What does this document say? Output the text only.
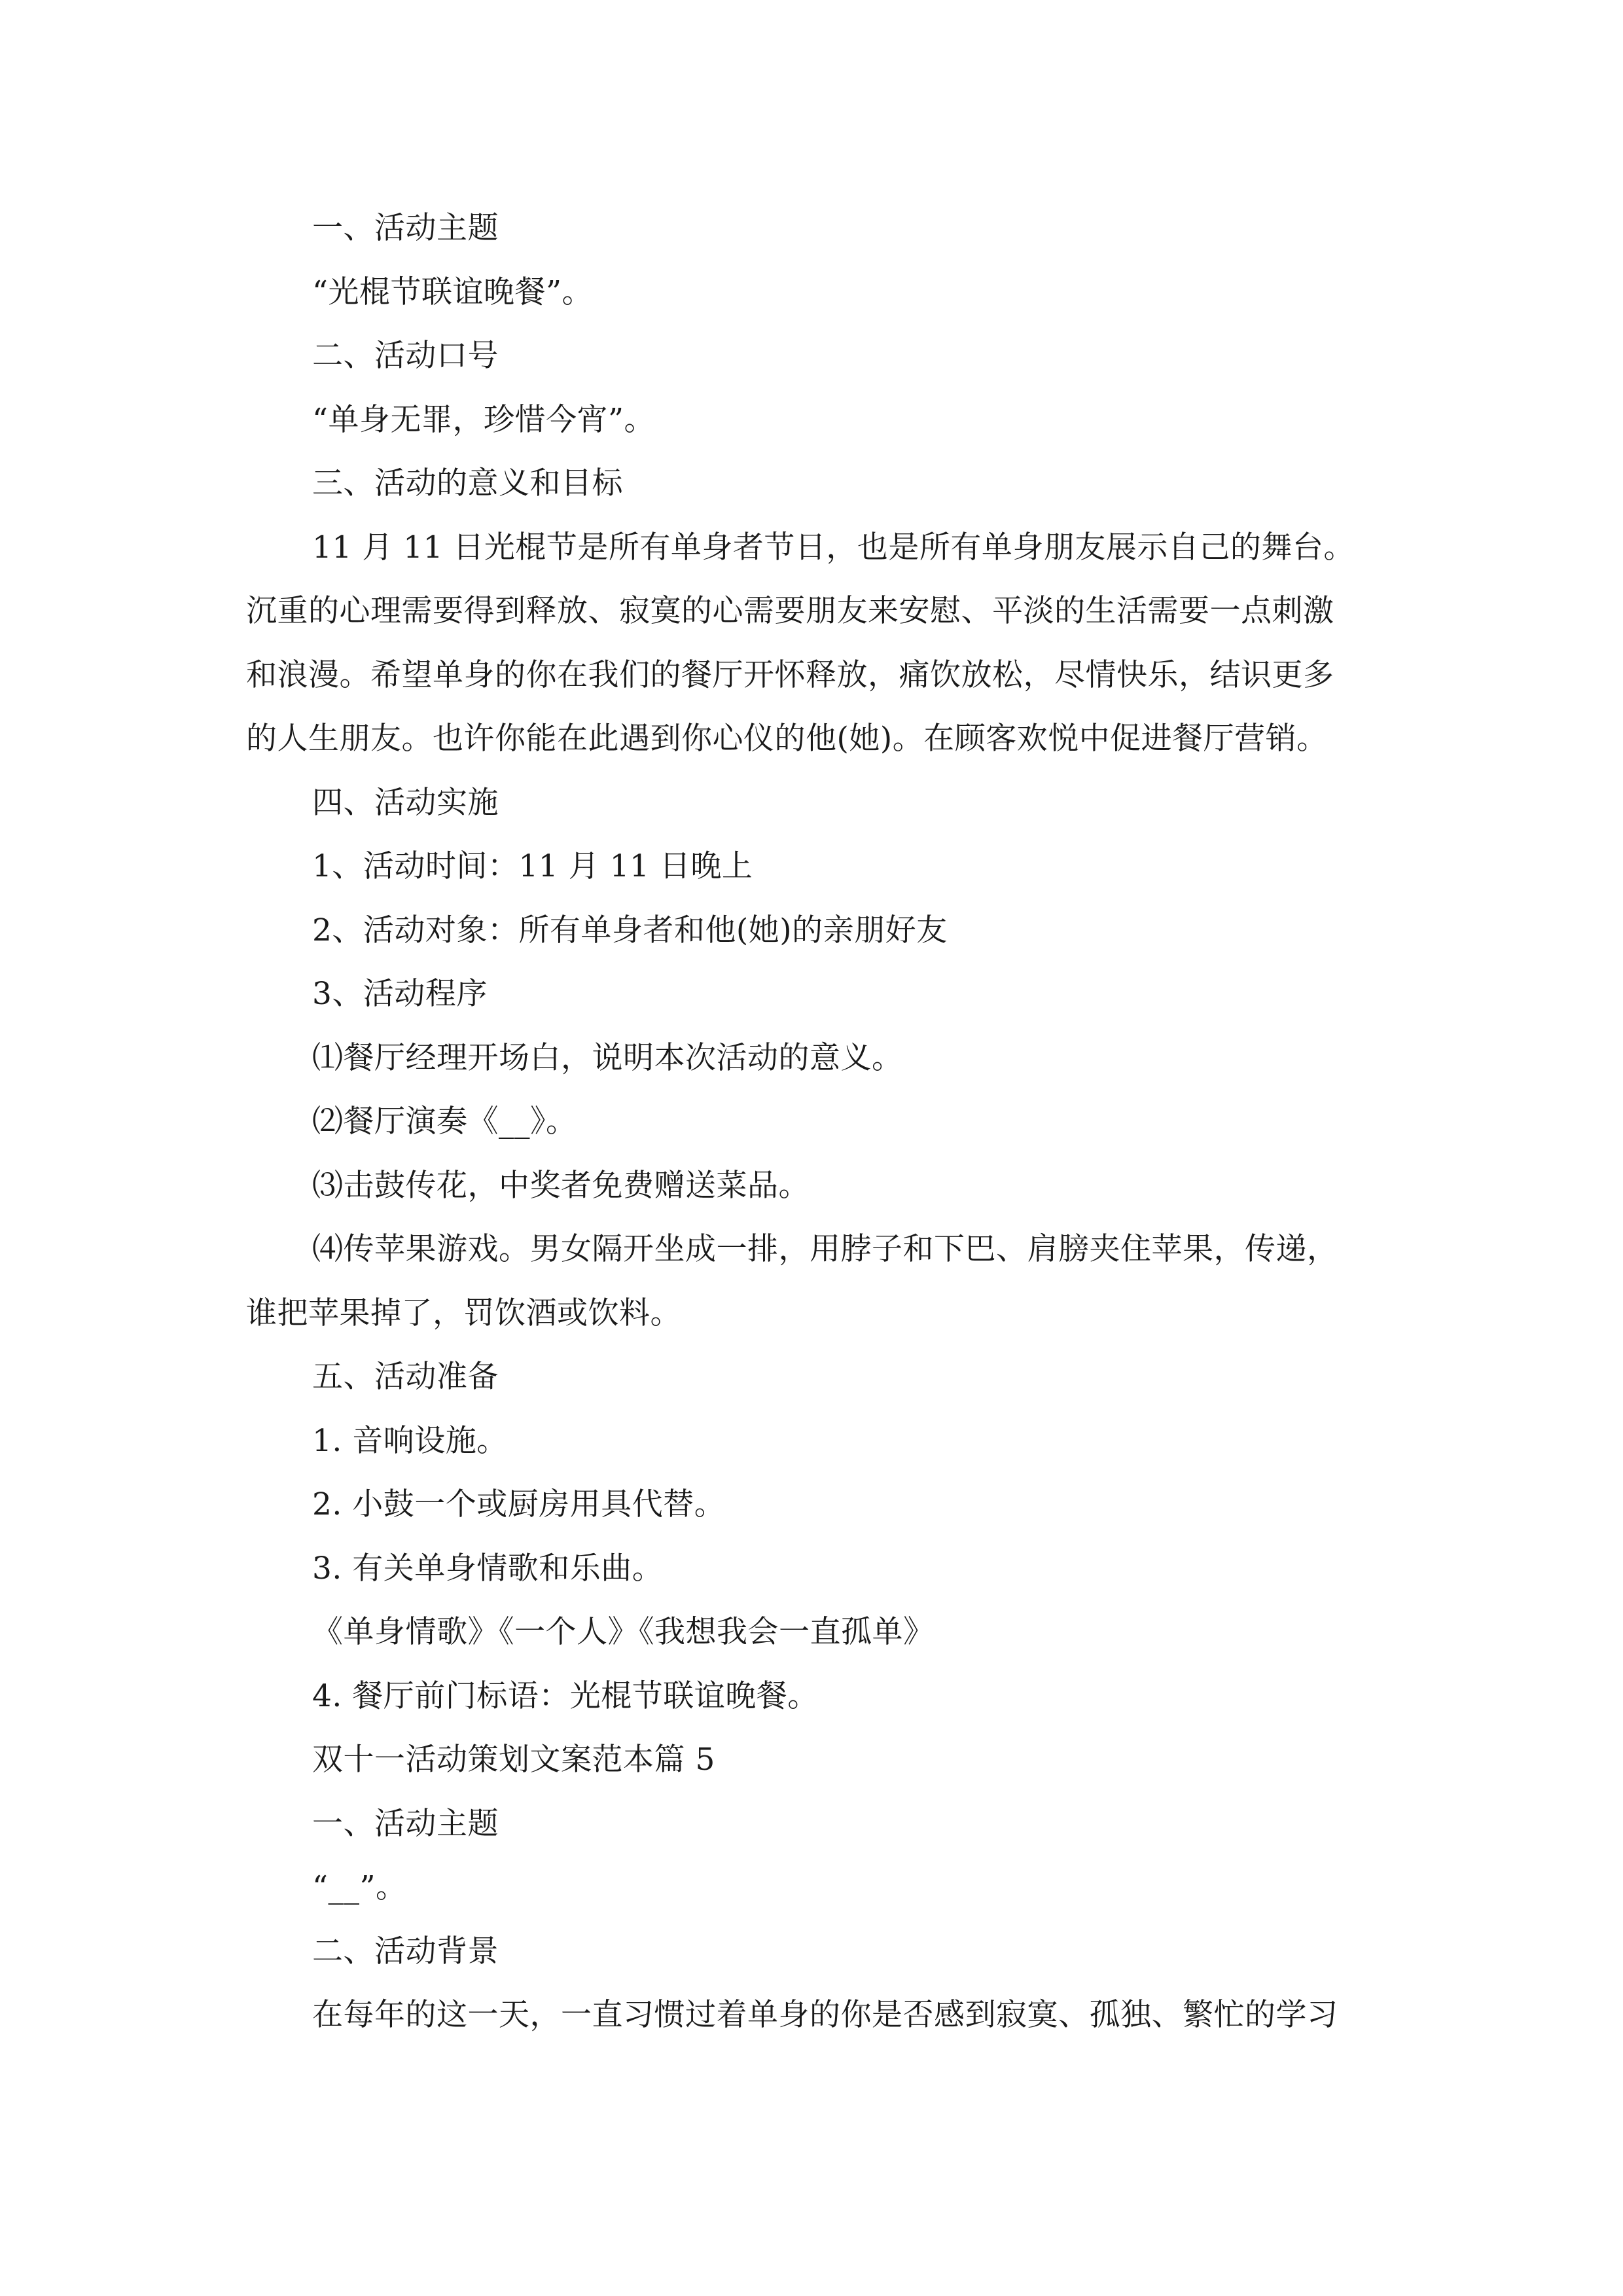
一、活动主题
“光棍节联谊晚餐”。
二、活动口号
“单身无罪，珍惜今宵”。
三、活动的意义和目标
11 月 11 日光棍节是所有单身者节日，也是所有单身朋友展示自己的舞台。
沉重的心理需要得到释放、寂寞的心需要朋友来安慰、平淡的生活需要一点刺激
和浪漫。希望单身的你在我们的餐厅开怀释放，痛饮放松，尽情快乐，结识更多
的人生朋友。也许你能在此遇到你心仪的他(她)。在顾客欢悦中促进餐厅营销。
四、活动实施
1、活动时间：11 月 11 日晚上
2、活动对象：所有单身者和他(她)的亲朋好友
3、活动程序
⑴餐厅经理开场白，说明本次活动的意义。
⑵餐厅演奏《__》。
⑶击鼓传花，中奖者免费赠送菜品。
⑷传苹果游戏。男女隔开坐成一排，用脖子和下巴、肩膀夹住苹果，传递，
谁把苹果掉了，罚饮酒或饮料。
五、活动准备
1. 音响设施。
2. 小鼓一个或厨房用具代替。
3. 有关单身情歌和乐曲。
《单身情歌》《一个人》《我想我会一直孤单》
4. 餐厅前门标语：光棍节联谊晚餐。
双十一活动策划文案范本篇 5
一、活动主题
“__”。
二、活动背景
在每年的这一天，一直习惯过着单身的你是否感到寂寞、孤独、繁忙的学习
